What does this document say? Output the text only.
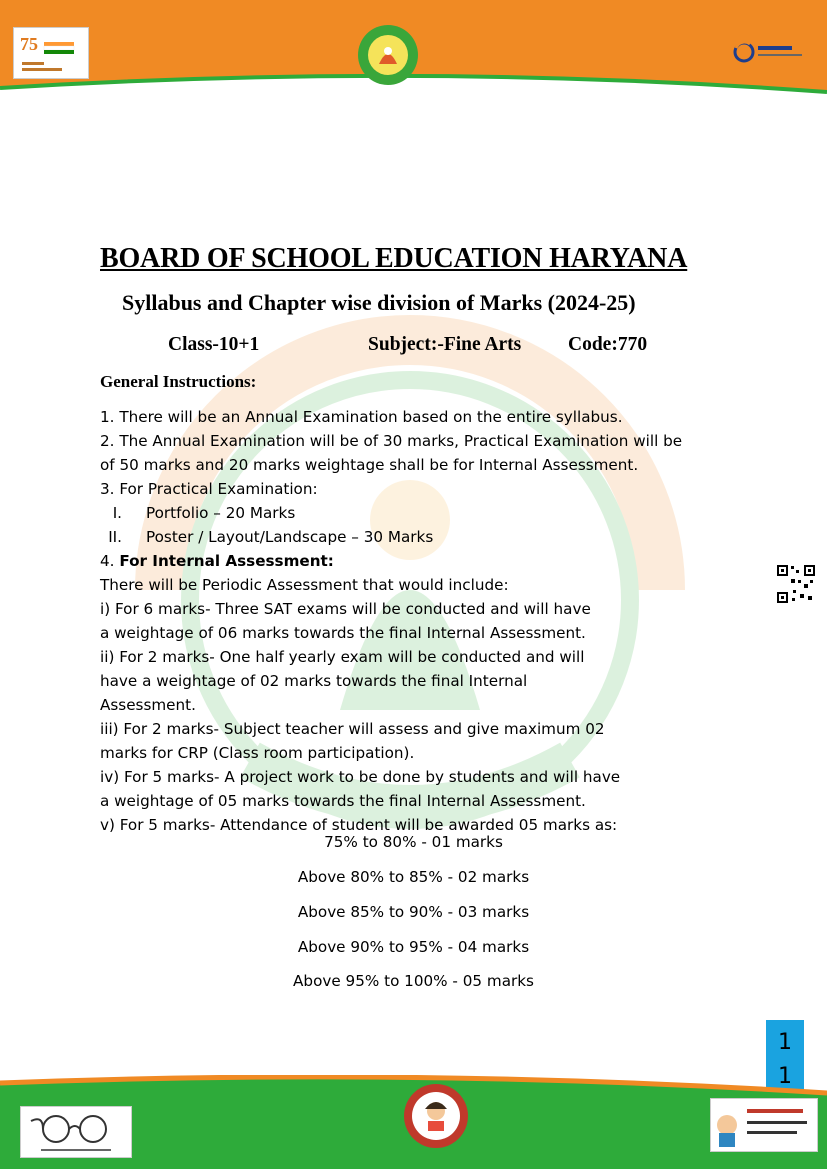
75
BOARD OF SCHOOL EDUCATION HARYANA
Syllabus and Chapter wise division of Marks (2024-25)
Class-10+1	Subject:-Fine Arts Code:770
General Instructions:
1. There will be an Annual Examination based on the entire syllabus.
2. The Annual Examination will be of 30 marks, Practical Examination will be
of 50 marks and 20 marks weightage shall be for Internal Assessment.
3. For Practical Examination:
I. Portfolio – 20 Marks
II. Poster / Layout/Landscape – 30 Marks
4. For Internal Assessment:
There will be Periodic Assessment that would include:
i) For 6 marks- Three SAT exams will be conducted and will have
a weightage of 06 marks towards the final Internal Assessment.
ii) For 2 marks- One half yearly exam will be conducted and will
have a weightage of 02 marks towards the final Internal
Assessment.
iii) For 2 marks- Subject teacher will assess and give maximum 02
marks for CRP (Class room participation).
iv) For 5 marks- A project work to be done by students and will have
a weightage of 05 marks towards the final Internal Assessment.
v) For 5 marks- Attendance of student will be awarded 05 marks as:
75% to 80% - 01 marks
Above 80% to 85% - 02 marks
Above 85% to 90% - 03 marks
Above 90% to 95% - 04 marks
Above 95% to 100% - 05 marks
1
1
